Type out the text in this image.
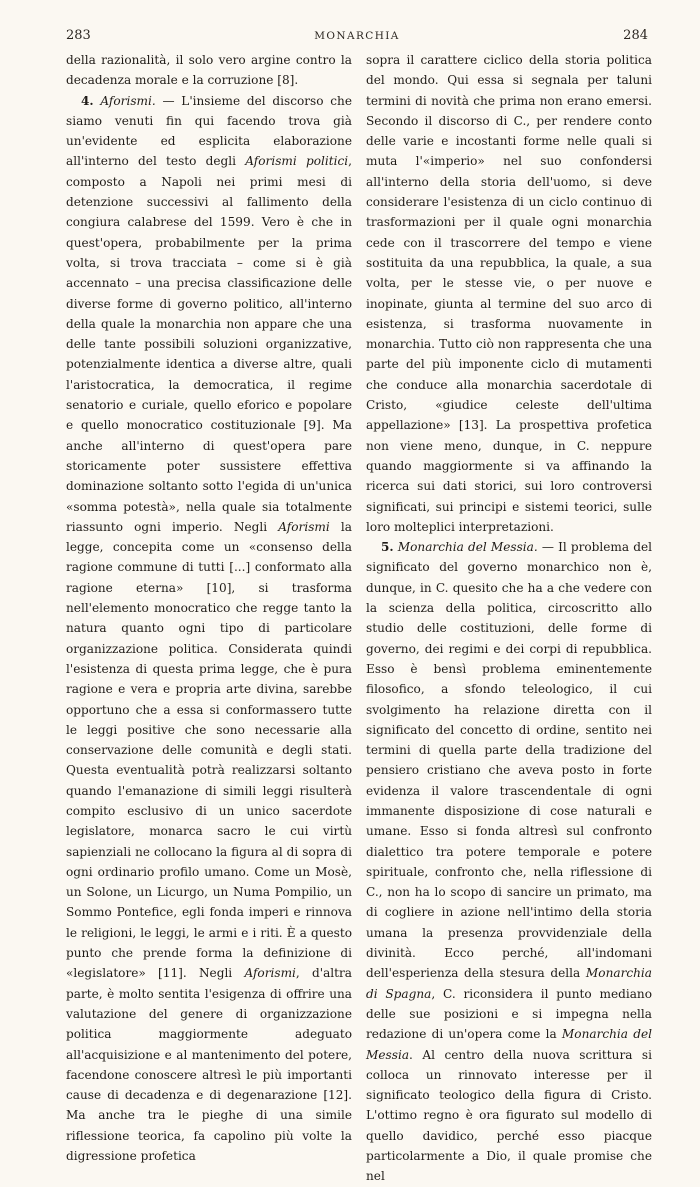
283	MONARCHIA	284

della razionalità, il solo vero argine contro la decadenza morale e la corruzione [8].

4. Aforismi. — L'insieme del discorso che siamo venuti fin qui facendo trova già un'evidente ed esplicita elaborazione all'interno del testo degli Aforismi politici, composto a Napoli nei primi mesi di detenzione successivi al fallimento della congiura calabrese del 1599. Vero è che in quest'opera, probabilmente per la prima volta, si trova tracciata – come si è già accennato – una precisa classificazione delle diverse forme di governo politico, all'interno della quale la monarchia non appare che una delle tante possibili soluzioni organizzative, potenzialmente identica a diverse altre, quali l'aristocratica, la democratica, il regime senatorio e curiale, quello eforico e popolare e quello monocratico costituzionale [9]. Ma anche all'interno di quest'opera pare storicamente poter sussistere effettiva dominazione soltanto sotto l'egida di un'unica «somma potestà», nella quale sia totalmente riassunto ogni imperio. Negli Aforismi la legge, concepita come un «consenso della ragione commune di tutti [...] conformato alla ragione eterna» [10], si trasforma nell'elemento monocratico che regge tanto la natura quanto ogni tipo di particolare organizzazione politica. Considerata quindi l'esistenza di questa prima legge, che è pura ragione e vera e propria arte divina, sarebbe opportuno che a essa si conformassero tutte le leggi positive che sono necessarie alla conservazione delle comunità e degli stati. Questa eventualità potrà realizzarsi soltanto quando l'emanazione di simili leggi risulterà compito esclusivo di un unico sacerdote legislatore, monarca sacro le cui virtù sapienziali ne collocano la figura al di sopra di ogni ordinario profilo umano. Come un Mosè, un Solone, un Licurgo, un Numa Pompilio, un Sommo Pontefice, egli fonda imperi e rinnova le religioni, le leggi, le armi e i riti. È a questo punto che prende forma la definizione di «legislatore» [11]. Negli Aforismi, d'altra parte, è molto sentita l'esigenza di offrire una valutazione del genere di organizzazione politica maggiormente adeguato all'acquisizione e al mantenimento del potere, facendone conoscere altresì le più importanti cause di decadenza e di degenarazione [12]. Ma anche tra le pieghe di una simile riflessione teorica, fa capolino più volte la digressione profetica

sopra il carattere ciclico della storia politica del mondo. Qui essa si segnala per taluni termini di novità che prima non erano emersi. Secondo il discorso di C., per rendere conto delle varie e incostanti forme nelle quali si muta l'«imperio» nel suo confondersi all'interno della storia dell'uomo, si deve considerare l'esistenza di un ciclo continuo di trasformazioni per il quale ogni monarchia cede con il trascorrere del tempo e viene sostituita da una repubblica, la quale, a sua volta, per le stesse vie, o per nuove e inopinate, giunta al termine del suo arco di esistenza, si trasforma nuovamente in monarchia. Tutto ciò non rappresenta che una parte del più imponente ciclo di mutamenti che conduce alla monarchia sacerdotale di Cristo, «giudice celeste dell'ultima appellazione» [13]. La prospettiva profetica non viene meno, dunque, in C. neppure quando maggiormente si va affinando la ricerca sui dati storici, sui loro controversi significati, sui principi e sistemi teorici, sulle loro molteplici interpretazioni.

5. Monarchia del Messia. — Il problema del significato del governo monarchico non è, dunque, in C. quesito che ha a che vedere con la scienza della politica, circoscritto allo studio delle costituzioni, delle forme di governo, dei regimi e dei corpi di repubblica. Esso è bensì problema eminentemente filosofico, a sfondo teleologico, il cui svolgimento ha relazione diretta con il significato del concetto di ordine, sentito nei termini di quella parte della tradizione del pensiero cristiano che aveva posto in forte evidenza il valore trascendentale di ogni immanente disposizione di cose naturali e umane. Esso si fonda altresì sul confronto dialettico tra potere temporale e potere spirituale, confronto che, nella riflessione di C., non ha lo scopo di sancire un primato, ma di cogliere in azione nell'intimo della storia umana la presenza provvidenziale della divinità. Ecco perché, all'indomani dell'esperienza della stesura della Monarchia di Spagna, C. riconsidera il punto mediano delle sue posizioni e si impegna nella redazione di un'opera come la Monarchia del Messia. Al centro della nuova scrittura si colloca un rinnovato interesse per il significato teologico della figura di Cristo. L'ottimo regno è ora figurato sul modello di quello davidico, perché esso piacque particolarmente a Dio, il quale promise che nel
